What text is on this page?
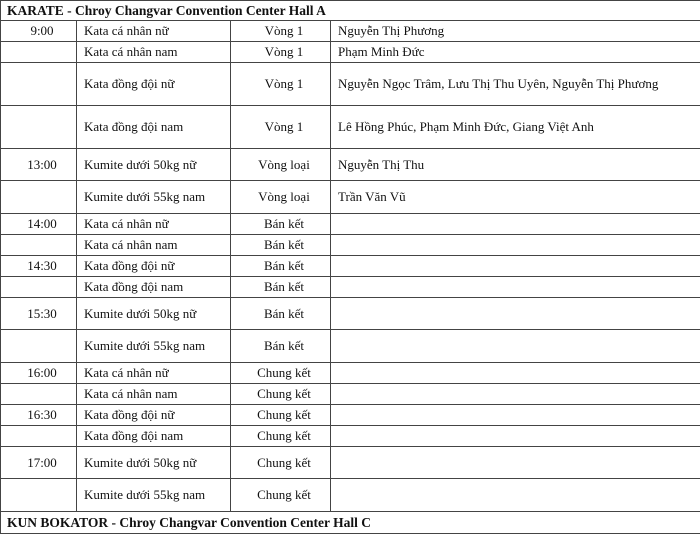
KARATE - Chroy Changvar Convention Center Hall A			
9:00	Kata cá nhân nữ	Vòng 1	Nguyễn Thị Phương
	Kata cá nhân nam	Vòng 1	Phạm Minh Đức
	Kata đồng đội nữ	Vòng 1	Nguyễn Ngọc Trâm, Lưu Thị Thu Uyên, Nguyễn Thị Phương
	Kata đồng đội nam	Vòng 1	Lê Hồng Phúc, Phạm Minh Đức, Giang Việt Anh
13:00	Kumite dưới 50kg nữ	Vòng loại	Nguyễn Thị Thu
	Kumite dưới 55kg nam	Vòng loại	Trần Văn Vũ
14:00	Kata cá nhân nữ	Bán kết	
	Kata cá nhân nam	Bán kết	
14:30	Kata đồng đội nữ	Bán kết	
	Kata đồng đội nam	Bán kết	
15:30	Kumite dưới 50kg nữ	Bán kết	
	Kumite dưới 55kg nam	Bán kết	
16:00	Kata cá nhân nữ	Chung kết	
	Kata cá nhân nam	Chung kết	
16:30	Kata đồng đội nữ	Chung kết	
	Kata đồng đội nam	Chung kết	
17:00	Kumite dưới 50kg nữ	Chung kết	
	Kumite dưới 55kg nam	Chung kết	
KUN BOKATOR - Chroy Changvar Convention Center Hall C			
